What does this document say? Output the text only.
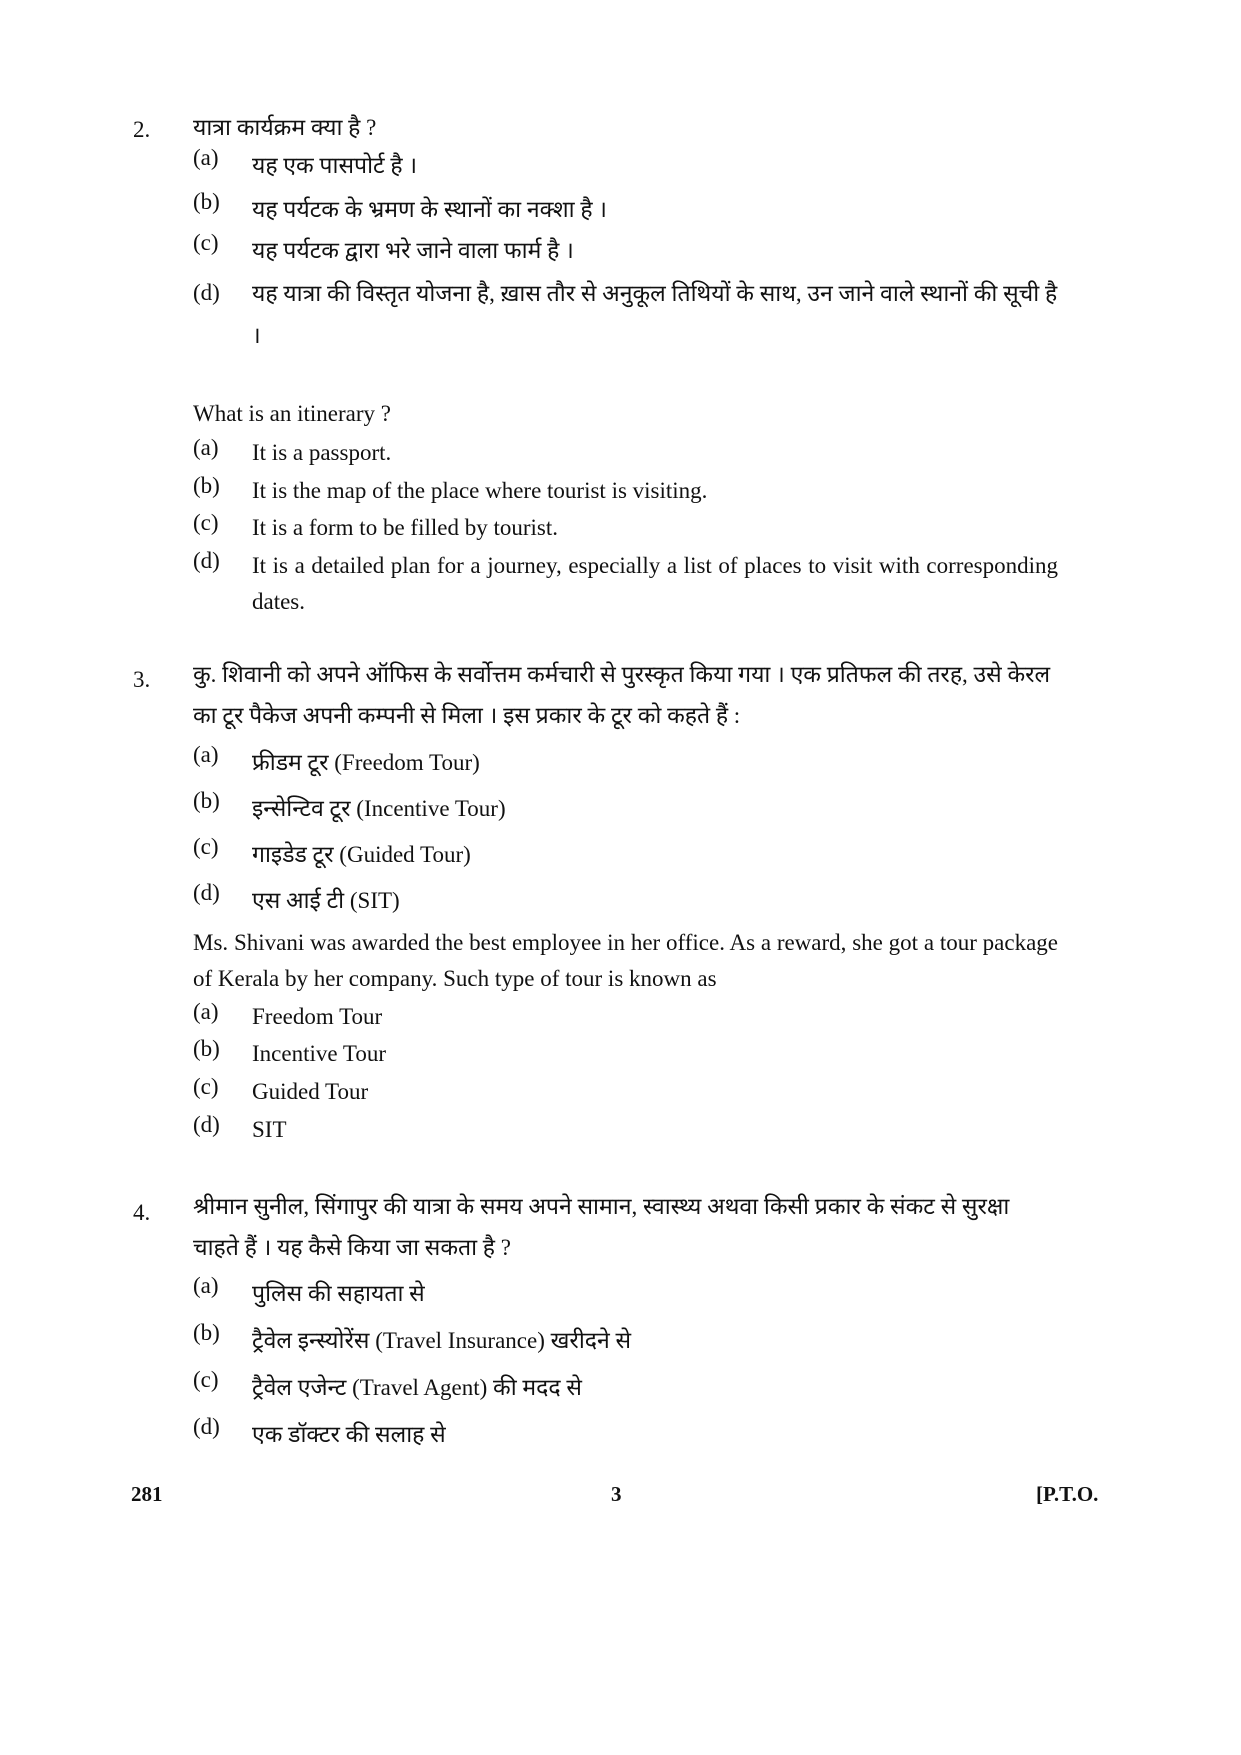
2. यात्रा कार्यक्रम क्या है ?
(a)	यह एक पासपोर्ट है ।
(b)	यह पर्यटक के भ्रमण के स्थानों का नक्शा है ।
(c)	यह पर्यटक द्वारा भरे जाने वाला फार्म है ।
(d)	यह यात्रा की विस्तृत योजना है, ख़ास तौर से अनुकूल तिथियों के साथ, उन जाने वाले स्थानों की सूची है ।
What is an itinerary ?
(a)	It is a passport.
(b)	It is the map of the place where tourist is visiting.
(c)	It is a form to be filled by tourist.
(d)	It is a detailed plan for a journey, especially a list of places to visit with corresponding dates.
3. कु. शिवानी को अपने ऑफिस के सर्वोत्तम कर्मचारी से पुरस्कृत किया गया । एक प्रतिफल की तरह, उसे केरल का टूर पैकेज अपनी कम्पनी से मिला । इस प्रकार के टूर को कहते हैं :
(a)	फ्रीडम टूर (Freedom Tour)
(b)	इन्सेन्टिव टूर (Incentive Tour)
(c)	गाइडेड टूर (Guided Tour)
(d)	एस आई टी (SIT)
Ms. Shivani was awarded the best employee in her office. As a reward, she got a tour package of Kerala by her company. Such type of tour is known as
(a)	Freedom Tour
(b)	Incentive Tour
(c)	Guided Tour
(d)	SIT
4. श्रीमान सुनील, सिंगापुर की यात्रा के समय अपने सामान, स्वास्थ्य अथवा किसी प्रकार के संकट से सुरक्षा चाहते हैं । यह कैसे किया जा सकता है ?
(a)	पुलिस की सहायता से
(b)	ट्रैवेल इन्स्योरेंस (Travel Insurance) खरीदने से
(c)	ट्रैवेल एजेन्ट (Travel Agent) की मदद से
(d)	एक डॉक्टर की सलाह से
281	3	[P.T.O.
